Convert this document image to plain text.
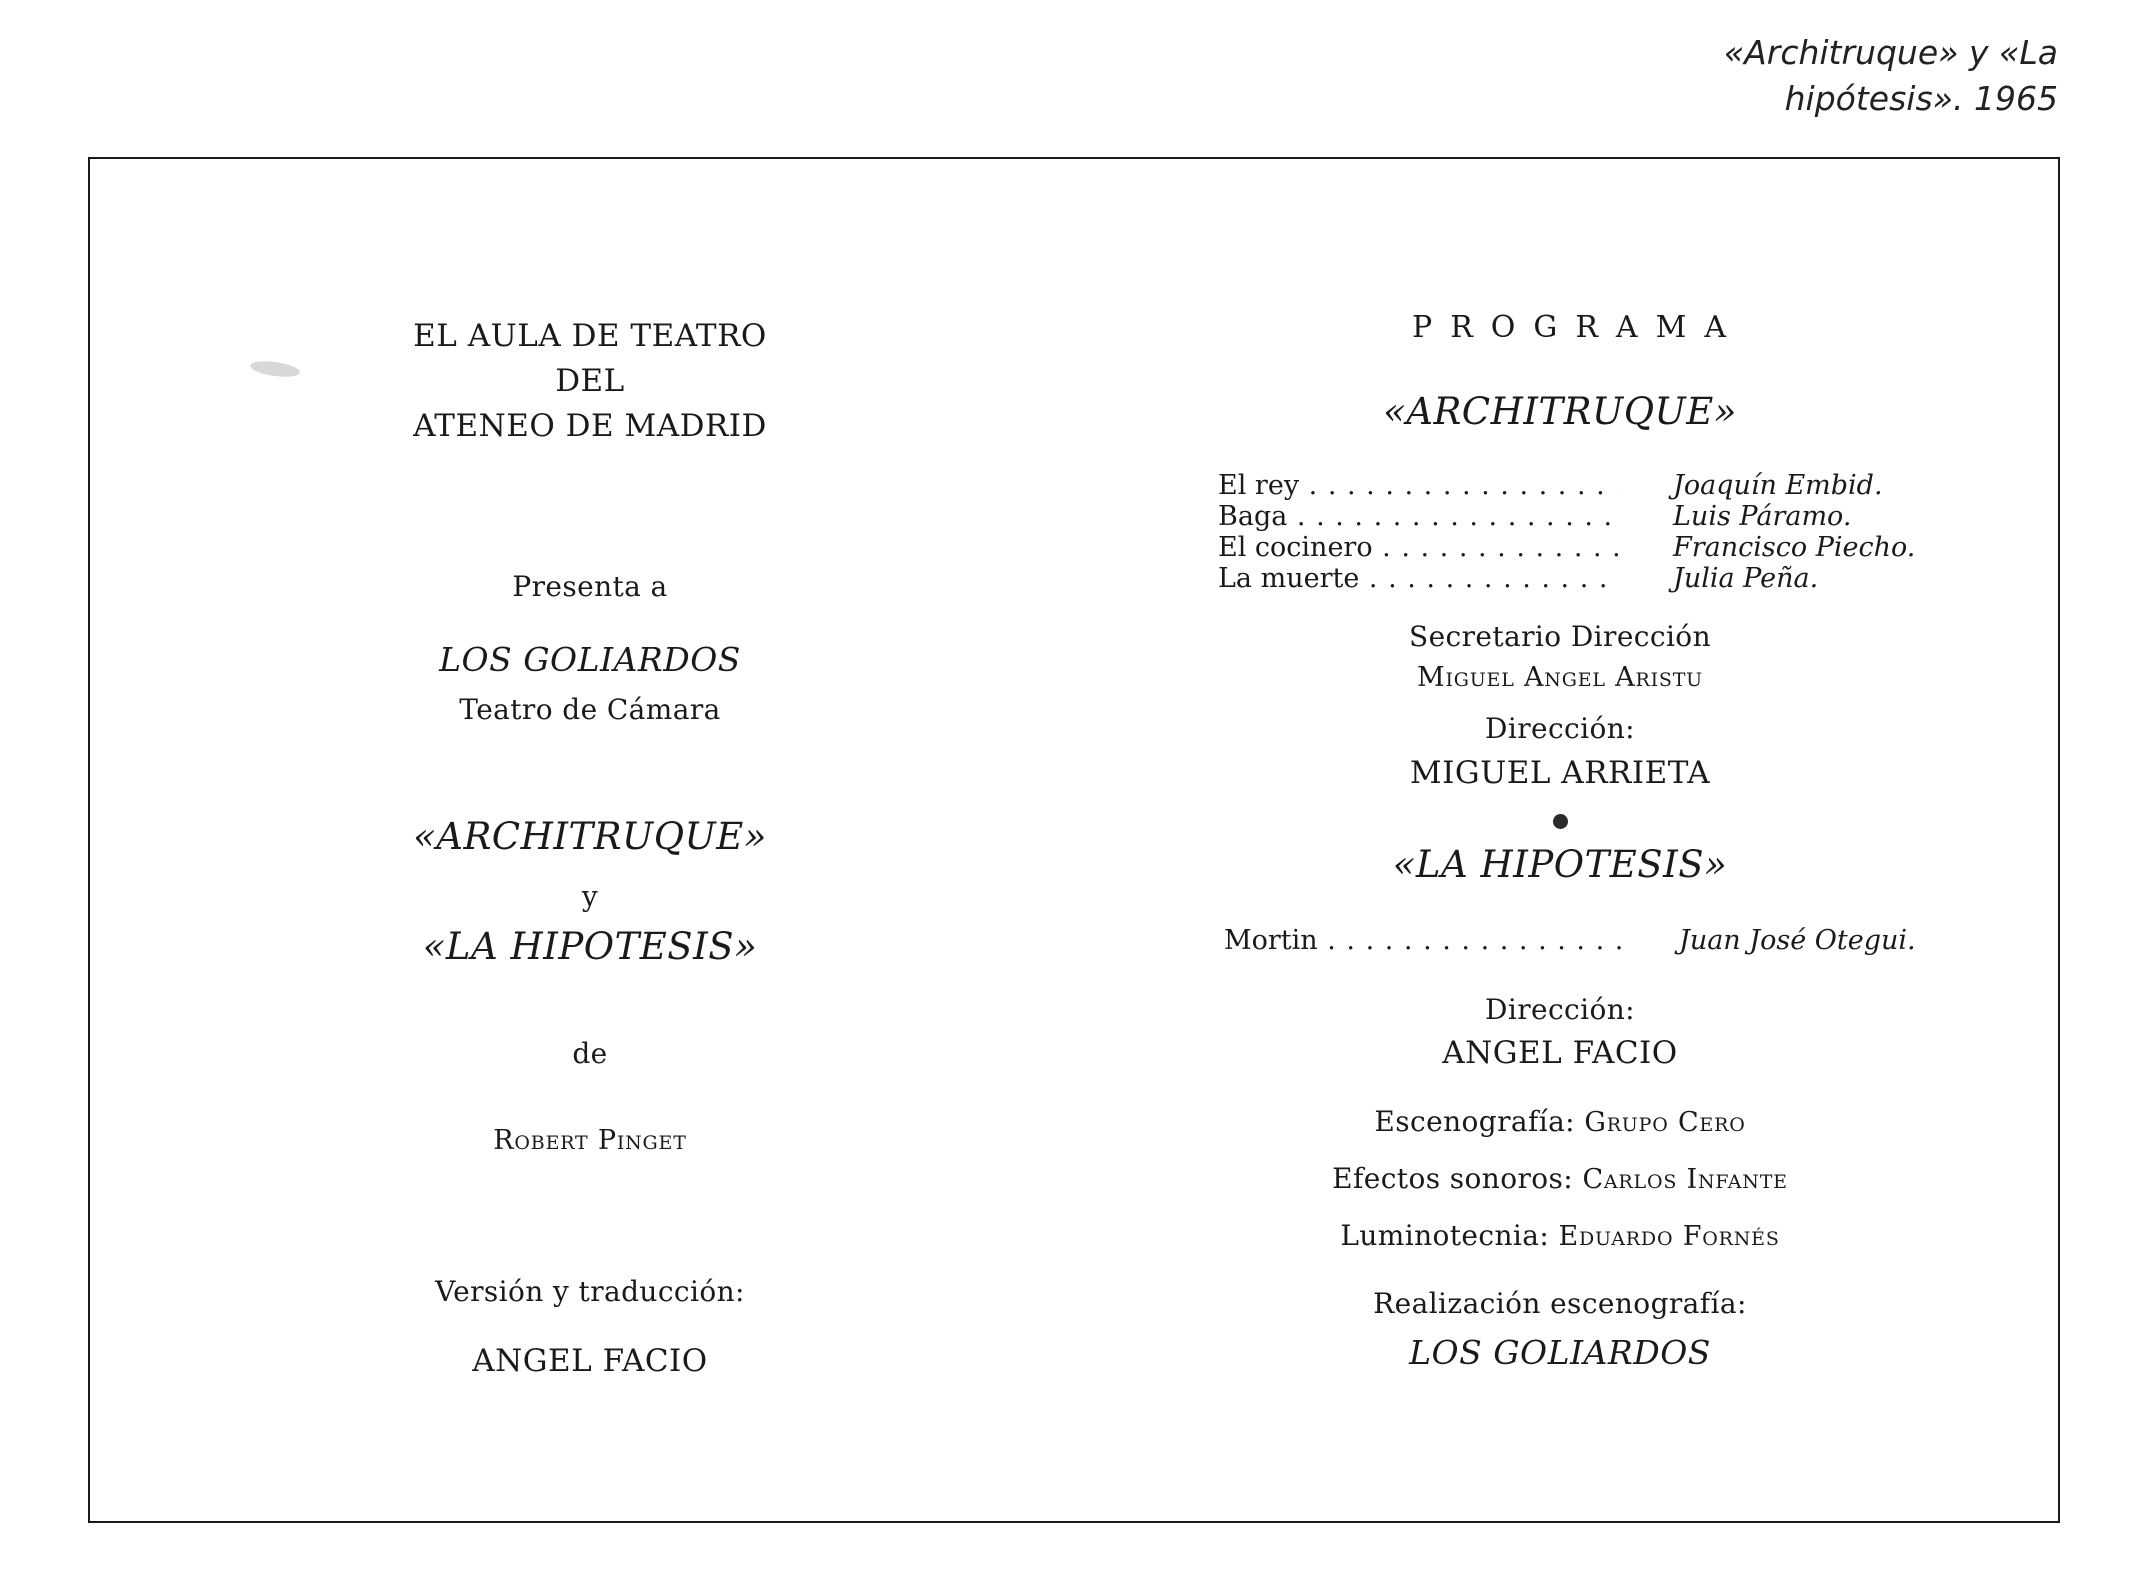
«Architruque» y «La
hipótesis». 1965
EL AULA DE TEATRO
DEL
ATENEO DE MADRID
Presenta a
LOS GOLIARDOS
Teatro de Cámara
«ARCHITRUQUE»
y
«LA HIPOTESIS»
de
Robert Pinget
Versión y traducción:
ANGEL FACIO
PROGRAMA
«ARCHITRUQUE»
El rey . . .	Joaquín Embid.
Baga . . .	Luis Páramo.
El cocinero . . .	Francisco Piecho.
La muerte . . .	Julia Peña.
Secretario Dirección
Miguel Angel Aristu
Dirección:
MIGUEL ARRIETA
«LA HIPOTESIS»
Mortin . . .	Juan José Otegui.
Dirección:
ANGEL FACIO
Escenografía: Grupo Cero
Efectos sonoros: Carlos Infante
Luminotecnia: Eduardo Fornés
Realización escenografía:
LOS GOLIARDOS
